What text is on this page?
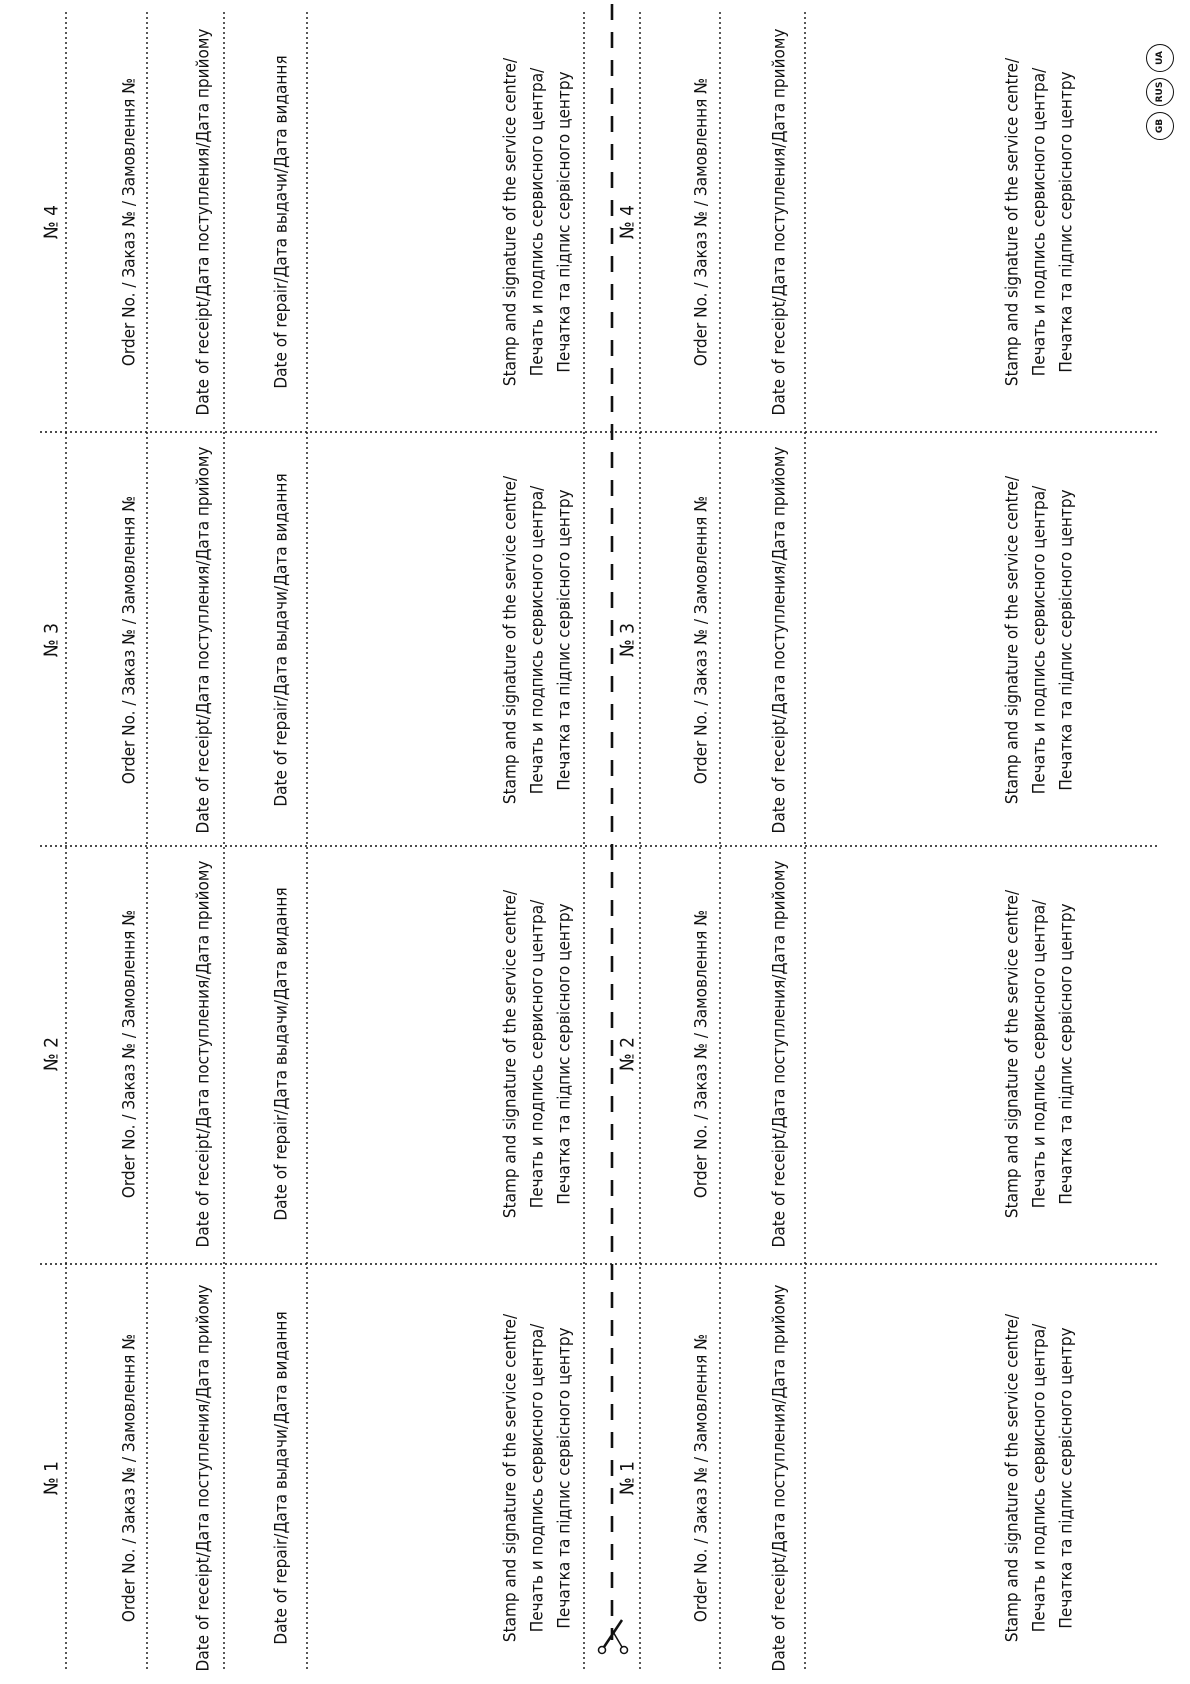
№ 1	Order No. / Заказ № / Замовлення №	Date of receipt/Дата поступления/Дата прийому	Date of repair/Дата выдачи/Дата видання	Stamp and signature of the service centre/
Печать и подпись сервисного центра/
Печатка та підпис сервісного центру
№ 2	Order No. / Заказ № / Замовлення №	Date of receipt/Дата поступления/Дата прийому	Date of repair/Дата выдачи/Дата видання	Stamp and signature of the service centre/
Печать и подпись сервисного центра/
Печатка та підпис сервісного центру
№ 3	Order No. / Заказ № / Замовлення №	Date of receipt/Дата поступления/Дата прийому	Date of repair/Дата выдачи/Дата видання	Stamp and signature of the service centre/
Печать и подпись сервисного центра/
Печатка та підпис сервісного центру
№ 4	Order No. / Заказ № / Замовлення №	Date of receipt/Дата поступления/Дата прийому	Date of repair/Дата выдачи/Дата видання	Stamp and signature of the service centre/
Печать и подпись сервисного центра/
Печатка та підпис сервісного центру
№ 1	Order No. / Заказ № / Замовлення №	Date of receipt/Дата поступления/Дата прийому	Stamp and signature of the service centre/
Печать и подпись сервисного центра/
Печатка та підпис сервісного центру
№ 2	Order No. / Заказ № / Замовлення №	Date of receipt/Дата поступления/Дата прийому	Stamp and signature of the service centre/
Печать и подпись сервисного центра/
Печатка та підпис сервісного центру
№ 3	Order No. / Заказ № / Замовлення №	Date of receipt/Дата поступления/Дата прийому	Stamp and signature of the service centre/
Печать и подпись сервисного центра/
Печатка та підпис сервісного центру
№ 4	Order No. / Заказ № / Замовлення №	Date of receipt/Дата поступления/Дата прийому	Stamp and signature of the service centre/
Печать и подпись сервисного центра/
Печатка та підпис сервісного центру	GB
RUS
UA
